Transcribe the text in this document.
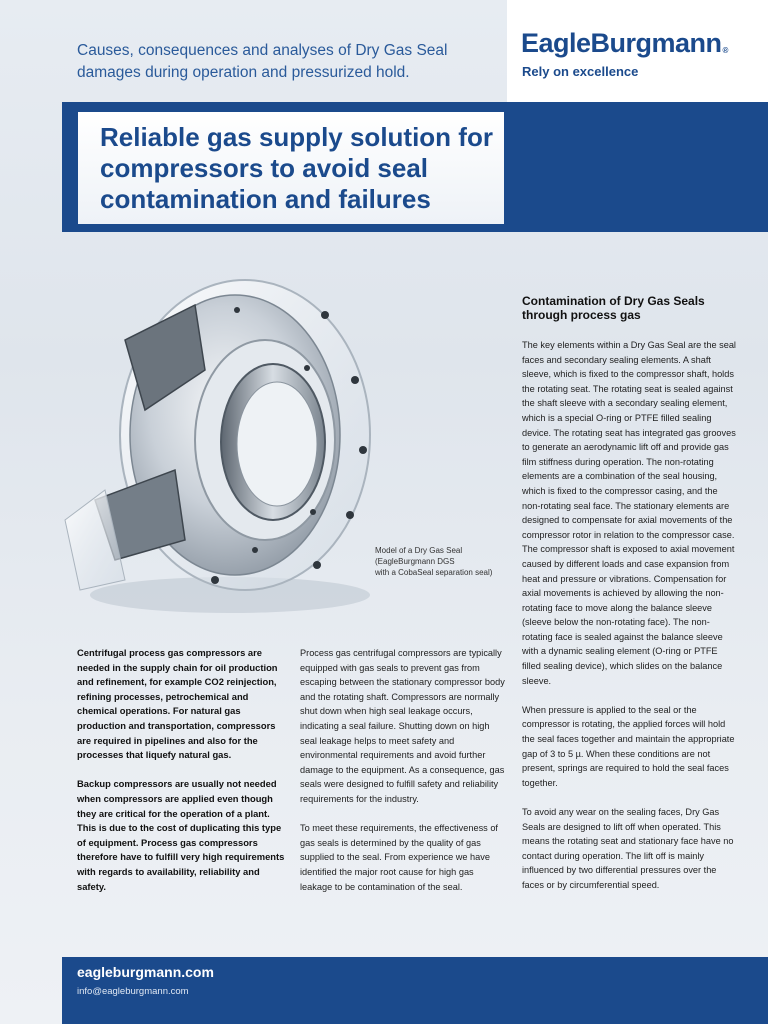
Causes, consequences and analyses of Dry Gas Seal damages during operation and pressurized hold.
EagleBurgmann®
Rely on excellence
Reliable gas supply solution for compressors to avoid seal contamination and failures
Model of a Dry Gas Seal
(EagleBurgmann DGS
with a CobaSeal separation seal)

Centrifugal process gas compressors are needed in the supply chain for oil production and refinement, for example CO2 reinjection, refining processes, petrochemical and chemical operations. For natural gas production and transportation, compressors are required in pipelines and also for the processes that liquefy natural gas.

Backup compressors are usually not needed when compressors are applied even though they are critical for the operation of a plant. This is due to the cost of duplicating this type of equipment. Process gas compressors therefore have to fulfill very high requirements with regards to availability, reliability and safety.

Process gas centrifugal compressors are typically equipped with gas seals to prevent gas from escaping between the stationary compressor body and the rotating shaft. Compressors are normally shut down when high seal leakage occurs, indicating a seal failure. Shutting down on high seal leakage helps to meet safety and environmental requirements and avoid further damage to the equipment. As a consequence, gas seals were designed to fulfill safety and reliability requirements for the industry.

To meet these requirements, the effectiveness of gas seals is determined by the quality of gas supplied to the seal. From experience we have identified the major root cause for high gas leakage to be contamination of the seal.

Contamination of Dry Gas Seals through process gas

The key elements within a Dry Gas Seal are the seal faces and secondary sealing elements. A shaft sleeve, which is fixed to the compressor shaft, holds the rotating seat. The rotating seat is sealed against the shaft sleeve with a secondary sealing element, which is a special O-ring or PTFE filled sealing device. The rotating seat has integrated gas grooves to generate an aerodynamic lift off and provide gas film stiffness during operation. The non-rotating elements are a combination of the seal housing, which is fixed to the compressor casing, and the non-rotating seal face. The stationary elements are designed to compensate for axial movements of the compressor rotor in relation to the compressor case. The compressor shaft is exposed to axial movement caused by different loads and case expansion from heat and pressure or vibrations. Compensation for axial movements is achieved by allowing the non-rotating face to move along the balance sleeve (sleeve below the non-rotating face). The non-rotating face is sealed against the balance sleeve with a dynamic sealing element (O-ring or PTFE filled sealing device), which slides on the balance sleeve.

When pressure is applied to the seal or the compressor is rotating, the applied forces will hold the seal faces together and maintain the appropriate gap of 3 to 5 µ. When these conditions are not present, springs are required to hold the seal faces together.

To avoid any wear on the sealing faces, Dry Gas Seals are designed to lift off when operated. This means the rotating seat and stationary face have no contact during operation. The lift off is mainly influenced by two differential pressures over the faces or by circumferential speed.

eagleburgmann.com
info@eagleburgmann.com
